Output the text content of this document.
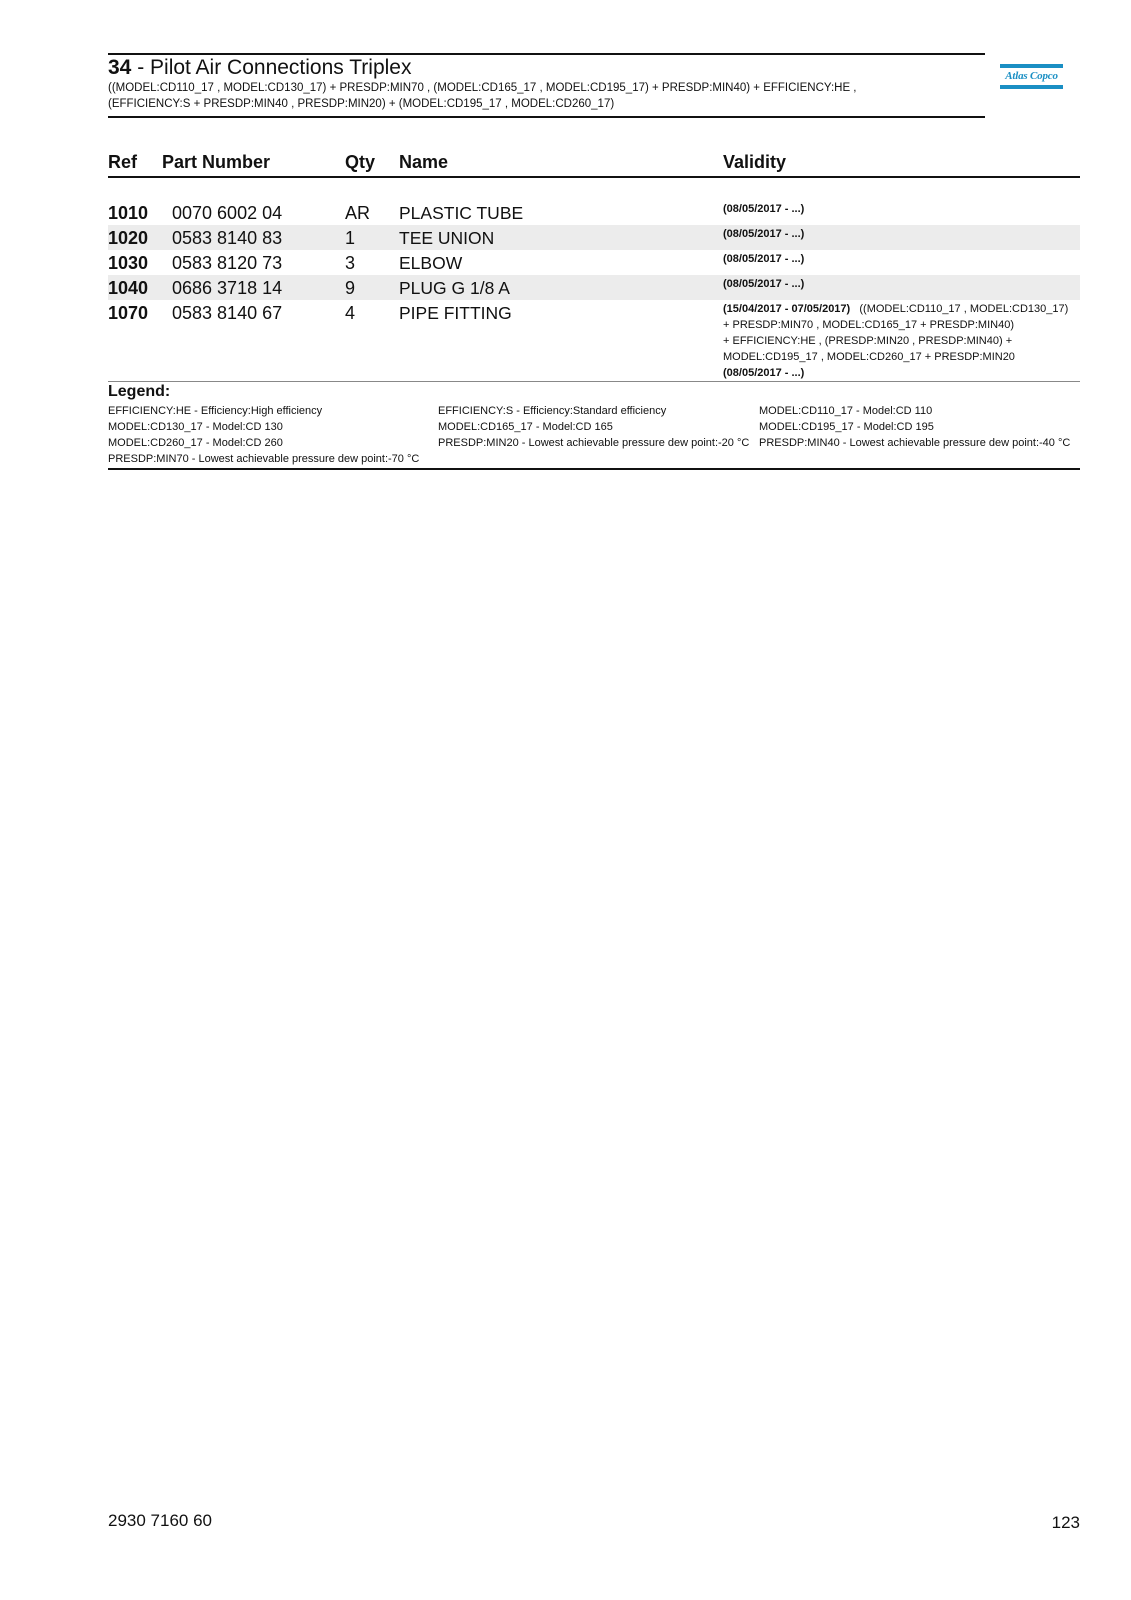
34 - Pilot Air Connections Triplex
((MODEL:CD110_17 , MODEL:CD130_17) + PRESDP:MIN70 , (MODEL:CD165_17 , MODEL:CD195_17) + PRESDP:MIN40) + EFFICIENCY:HE ,
(EFFICIENCY:S + PRESDP:MIN40 , PRESDP:MIN20) + (MODEL:CD195_17 , MODEL:CD260_17)
Atlas Copco
Ref Part Number	Qty Name	Validity
1010 0070 6002 04	AR PLASTIC TUBE	(08/05/2017 - ...)
1020 0583 8140 83	1	TEE UNION	(08/05/2017 - ...)
1030 0583 8120 73	3	ELBOW	(08/05/2017 - ...)
1040 0686 3718 14	9	PLUG G 1/8 A	(08/05/2017 - ...)
1070 0583 8140 67	4	PIPE FITTING	(15/04/2017 - 07/05/2017) ((MODEL:CD110_17 , MODEL:CD130_17)
+ PRESDP:MIN70 , MODEL:CD165_17 + PRESDP:MIN40)
+ EFFICIENCY:HE , (PRESDP:MIN20 , PRESDP:MIN40) +
MODEL:CD195_17 , MODEL:CD260_17 + PRESDP:MIN20
(08/05/2017 - ...)
Legend:
EFFICIENCY:HE - Efficiency:High efficiency	EFFICIENCY:S - Efficiency:Standard efficiency	MODEL:CD110_17 - Model:CD 110
MODEL:CD130_17 - Model:CD 130	MODEL:CD165_17 - Model:CD 165	MODEL:CD195_17 - Model:CD 195
MODEL:CD260_17 - Model:CD 260	PRESDP:MIN20 - Lowest achievable pressure dew point:-20 °C PRESDP:MIN40 - Lowest achievable pressure dew point:-40 °C
PRESDP:MIN70 - Lowest achievable pressure dew point:-70 °C
2930 7160 60	123
